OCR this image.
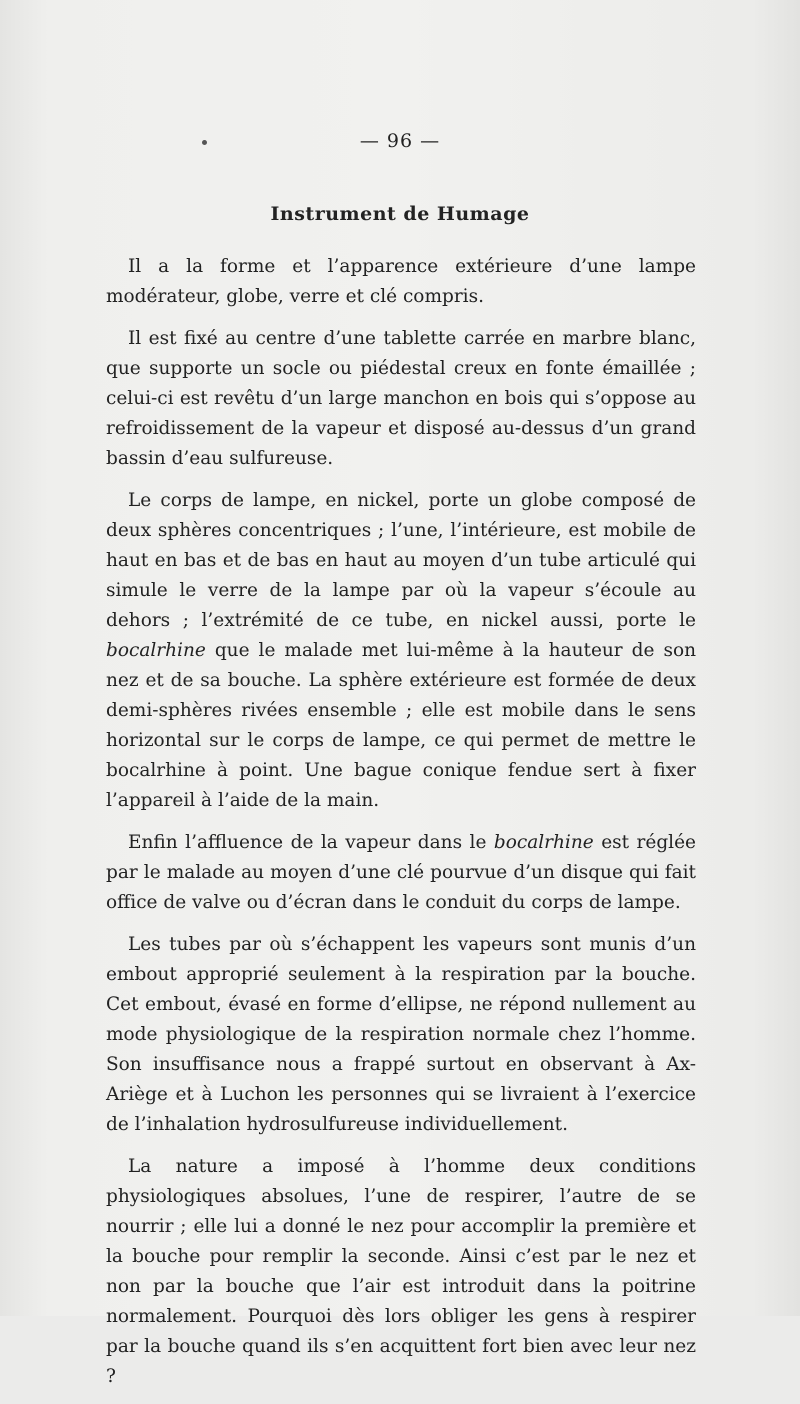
— 96 —
Instrument de Humage

Il a la forme et l’apparence extérieure d’une lampe modérateur, globe, verre et clé compris.

Il est fixé au centre d’une tablette carrée en marbre blanc, que supporte un socle ou piédestal creux en fonte émaillée ; celui-ci est revêtu d’un large manchon en bois qui s’oppose au refroidissement de la vapeur et disposé au-dessus d’un grand bassin d’eau sulfureuse.

Le corps de lampe, en nickel, porte un globe composé de deux sphères concentriques ; l’une, l’intérieure, est mobile de haut en bas et de bas en haut au moyen d’un tube articulé qui simule le verre de la lampe par où la vapeur s’écoule au dehors ; l’extrémité de ce tube, en nickel aussi, porte le bocalrhine que le malade met lui-même à la hauteur de son nez et de sa bouche. La sphère extérieure est formée de deux demi-sphères rivées ensemble ; elle est mobile dans le sens horizontal sur le corps de lampe, ce qui permet de mettre le bocalrhine à point. Une bague conique fendue sert à fixer l’appareil à l’aide de la main.

Enfin l’affluence de la vapeur dans le bocalrhine est réglée par le malade au moyen d’une clé pourvue d’un disque qui fait office de valve ou d’écran dans le conduit du corps de lampe.

Les tubes par où s’échappent les vapeurs sont munis d’un embout approprié seulement à la respiration par la bouche. Cet embout, évasé en forme d’ellipse, ne répond nullement au mode physiologique de la respiration normale chez l’homme. Son insuffisance nous a frappé surtout en observant à Ax-Ariège et à Luchon les personnes qui se livraient à l’exercice de l’inhalation hydrosulfureuse individuellement.

La nature a imposé à l’homme deux conditions physiologiques absolues, l’une de respirer, l’autre de se nourrir ; elle lui a donné le nez pour accomplir la première et la bouche pour remplir la seconde. Ainsi c’est par le nez et non par la bouche que l’air est introduit dans la poitrine normalement. Pourquoi dès lors obliger les gens à respirer par la bouche quand ils s’en acquittent fort bien avec leur nez ?
